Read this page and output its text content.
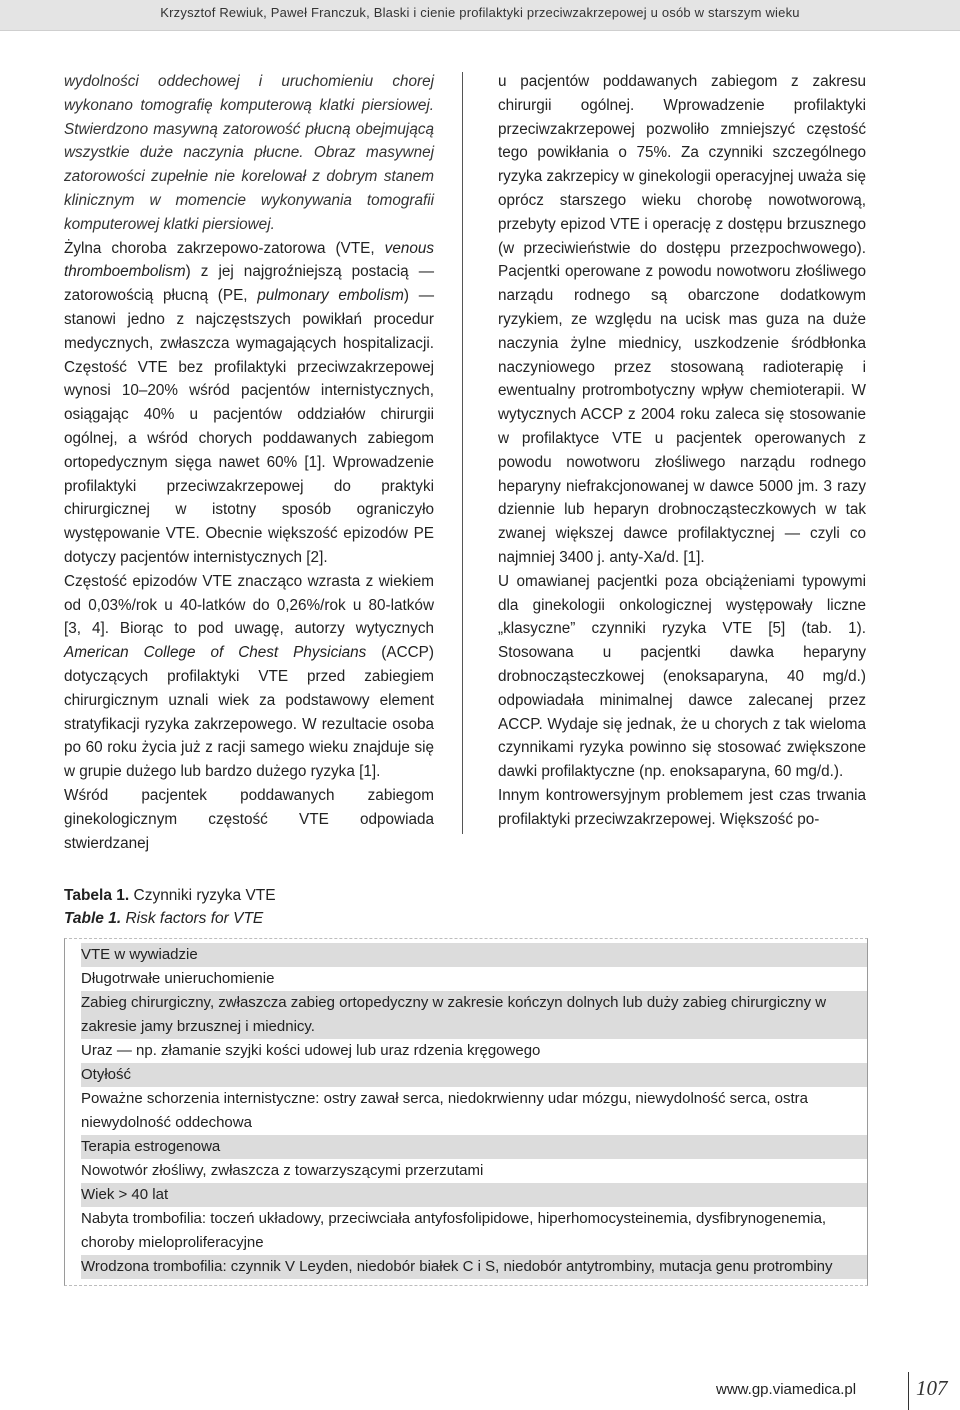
Krzysztof Rewiuk, Paweł Franczuk, Blaski i cienie profilaktyki przeciwzakrzepowej u osób w starszym wieku

wydolności oddechowej i uruchomieniu chorej wykonano tomografię komputerową klatki piersiowej. Stwierdzono masywną zatorowość płucną obejmującą wszystkie duże naczynia płucne. Obraz masywnej zatorowości zupełnie nie korelował z dobrym stanem klinicznym w momencie wykonywania tomografii komputerowej klatki piersiowej.

Żylna choroba zakrzepowo-zatorowa (VTE, venous thromboembolism) z jej najgroźniejszą postacią — zatorowością płucną (PE, pulmonary embolism) — stanowi jedno z najczęstszych powikłań procedur medycznych, zwłaszcza wymagających hospitalizacji. Częstość VTE bez profilaktyki przeciwzakrzepowej wynosi 10–20% wśród pacjentów internistycznych, osiągając 40% u pacjentów oddziałów chirurgii ogólnej, a wśród chorych poddawanych zabiegom ortopedycznym sięga nawet 60% [1]. Wprowadzenie profilaktyki przeciwzakrzepowej do praktyki chirurgicznej w istotny sposób ograniczyło występowanie VTE. Obecnie większość epizodów PE dotyczy pacjentów internistycznych [2].

Częstość epizodów VTE znacząco wzrasta z wiekiem od 0,03%/rok u 40-latków do 0,26%/rok u 80-latków [3, 4]. Biorąc to pod uwagę, autorzy wytycznych American College of Chest Physicians (ACCP) dotyczących profilaktyki VTE przed zabiegiem chirurgicznym uznali wiek za podstawowy element stratyfikacji ryzyka zakrzepowego. W rezultacie osoba po 60 roku życia już z racji samego wieku znajduje się w grupie dużego lub bardzo dużego ryzyka [1].

Wśród pacjentek poddawanych zabiegom ginekologicznym częstość VTE odpowiada stwierdzanej

u pacjentów poddawanych zabiegom z zakresu chirurgii ogólnej. Wprowadzenie profilaktyki przeciwzakrzepowej pozwoliło zmniejszyć częstość tego powikłania o 75%. Za czynniki szczególnego ryzyka zakrzepicy w ginekologii operacyjnej uważa się oprócz starszego wieku chorobę nowotworową, przebyty epizod VTE i operację z dostępu brzusznego (w przeciwieństwie do dostępu przezpochwowego). Pacjentki operowane z powodu nowotworu złośliwego narządu rodnego są obarczone dodatkowym ryzykiem, ze względu na ucisk mas guza na duże naczynia żylne miednicy, uszkodzenie śródbłonka naczyniowego przez stosowaną radioterapię i ewentualny protrombotyczny wpływ chemioterapii. W wytycznych ACCP z 2004 roku zaleca się stosowanie w profilaktyce VTE u pacjentek operowanych z powodu nowotworu złośliwego narządu rodnego heparyny niefrakcjonowanej w dawce 5000 jm. 3 razy dziennie lub heparyn drobnocząsteczkowych w tak zwanej większej dawce profilaktycznej — czyli co najmniej 3400 j. anty-Xa/d. [1].

U omawianej pacjentki poza obciążeniami typowymi dla ginekologii onkologicznej występowały liczne „klasyczne” czynniki ryzyka VTE [5] (tab. 1). Stosowana u pacjentki dawka heparyny drobnocząsteczkowej (enoksaparyna, 40 mg/d.) odpowiadała minimalnej dawce zalecanej przez ACCP. Wydaje się jednak, że u chorych z tak wieloma czynnikami ryzyka powinno się stosować zwiększone dawki profilaktyczne (np. enoksaparyna, 60 mg/d.).

Innym kontrowersyjnym problemem jest czas trwania profilaktyki przeciwzakrzepowej. Większość po-

Tabela 1. Czynniki ryzyka VTE
Table 1. Risk factors for VTE
VTE w wywiadzie
Długotrwałe unieruchomienie
Zabieg chirurgiczny, zwłaszcza zabieg ortopedyczny w zakresie kończyn dolnych lub duży zabieg chirurgiczny w zakresie jamy brzusznej i miednicy.
Uraz — np. złamanie szyjki kości udowej lub uraz rdzenia kręgowego
Otyłość
Poważne schorzenia internistyczne: ostry zawał serca, niedokrwienny udar mózgu, niewydolność serca, ostra niewydolność oddechowa
Terapia estrogenowa
Nowotwór złośliwy, zwłaszcza z towarzyszącymi przerzutami
Wiek > 40 lat
Nabyta trombofilia: toczeń układowy, przeciwciała antyfosfolipidowe, hiperhomocysteinemia, dysfibrynogenemia, choroby mieloproliferacyjne
Wrodzona trombofilia: czynnik V Leyden, niedobór białek C i S, niedobór antytrombiny, mutacja genu protrombiny
www.gp.viamedica.pl	107
